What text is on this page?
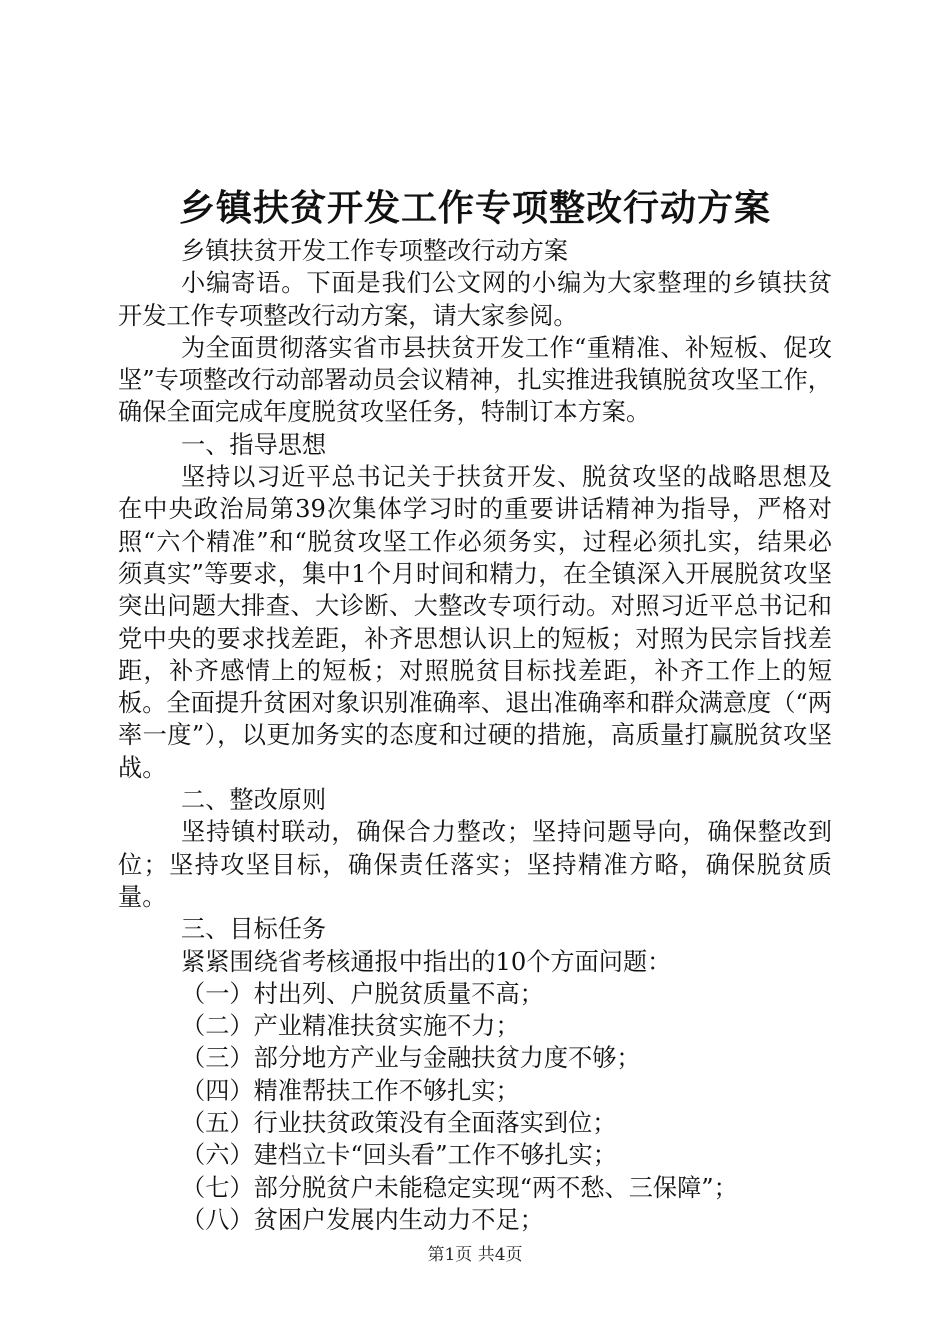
乡镇扶贫开发工作专项整改行动方案

乡镇扶贫开发工作专项整改行动方案

小编寄语。下面是我们公文网的小编为大家整理的乡镇扶贫开发工作专项整改行动方案，请大家参阅。

为全面贯彻落实省市县扶贫开发工作“重精准、补短板、促攻坚”专项整改行动部署动员会议精神，扎实推进我镇脱贫攻坚工作，确保全面完成年度脱贫攻坚任务，特制订本方案。

一、指导思想

坚持以习近平总书记关于扶贫开发、脱贫攻坚的战略思想及在中央政治局第39次集体学习时的重要讲话精神为指导，严格对照“六个精准”和“脱贫攻坚工作必须务实，过程必须扎实，结果必须真实”等要求，集中1个月时间和精力，在全镇深入开展脱贫攻坚突出问题大排查、大诊断、大整改专项行动。对照习近平总书记和党中央的要求找差距，补齐思想认识上的短板；对照为民宗旨找差距，补齐感情上的短板；对照脱贫目标找差距，补齐工作上的短板。全面提升贫困对象识别准确率、退出准确率和群众满意度（“两率一度”），以更加务实的态度和过硬的措施，高质量打赢脱贫攻坚战。

二、整改原则

坚持镇村联动，确保合力整改；坚持问题导向，确保整改到位；坚持攻坚目标，确保责任落实；坚持精准方略，确保脱贫质量。

三、目标任务

紧紧围绕省考核通报中指出的10个方面问题：

（一）村出列、户脱贫质量不高；

（二）产业精准扶贫实施不力；

（三）部分地方产业与金融扶贫力度不够；

（四）精准帮扶工作不够扎实；

（五）行业扶贫政策没有全面落实到位；

（六）建档立卡“回头看”工作不够扎实；

（七）部分脱贫户未能稳定实现“两不愁、三保障”；

（八）贫困户发展内生动力不足；

第1页 共4页
